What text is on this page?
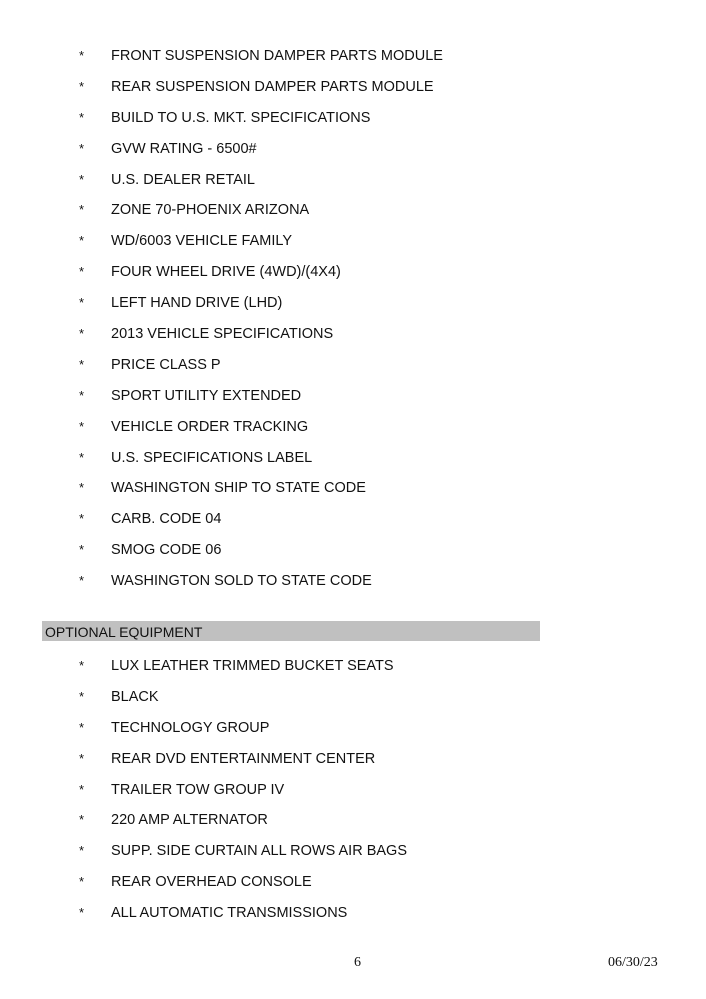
* FRONT SUSPENSION DAMPER PARTS MODULE
* REAR SUSPENSION DAMPER PARTS MODULE
* BUILD TO U.S. MKT. SPECIFICATIONS
* GVW RATING - 6500#
* U.S. DEALER RETAIL
* ZONE 70-PHOENIX ARIZONA
* WD/6003 VEHICLE FAMILY
* FOUR WHEEL DRIVE (4WD)/(4X4)
* LEFT HAND DRIVE (LHD)
* 2013 VEHICLE SPECIFICATIONS
* PRICE CLASS P
* SPORT UTILITY EXTENDED
* VEHICLE ORDER TRACKING
* U.S. SPECIFICATIONS LABEL
* WASHINGTON SHIP TO STATE CODE
* CARB. CODE 04
* SMOG CODE 06
* WASHINGTON SOLD TO STATE CODE
OPTIONAL EQUIPMENT
* LUX LEATHER TRIMMED BUCKET SEATS
* BLACK
* TECHNOLOGY GROUP
* REAR DVD ENTERTAINMENT CENTER
* TRAILER TOW GROUP IV
* 220 AMP ALTERNATOR
* SUPP. SIDE CURTAIN ALL ROWS AIR BAGS
* REAR OVERHEAD CONSOLE
* ALL AUTOMATIC TRANSMISSIONS
6	06/30/23
